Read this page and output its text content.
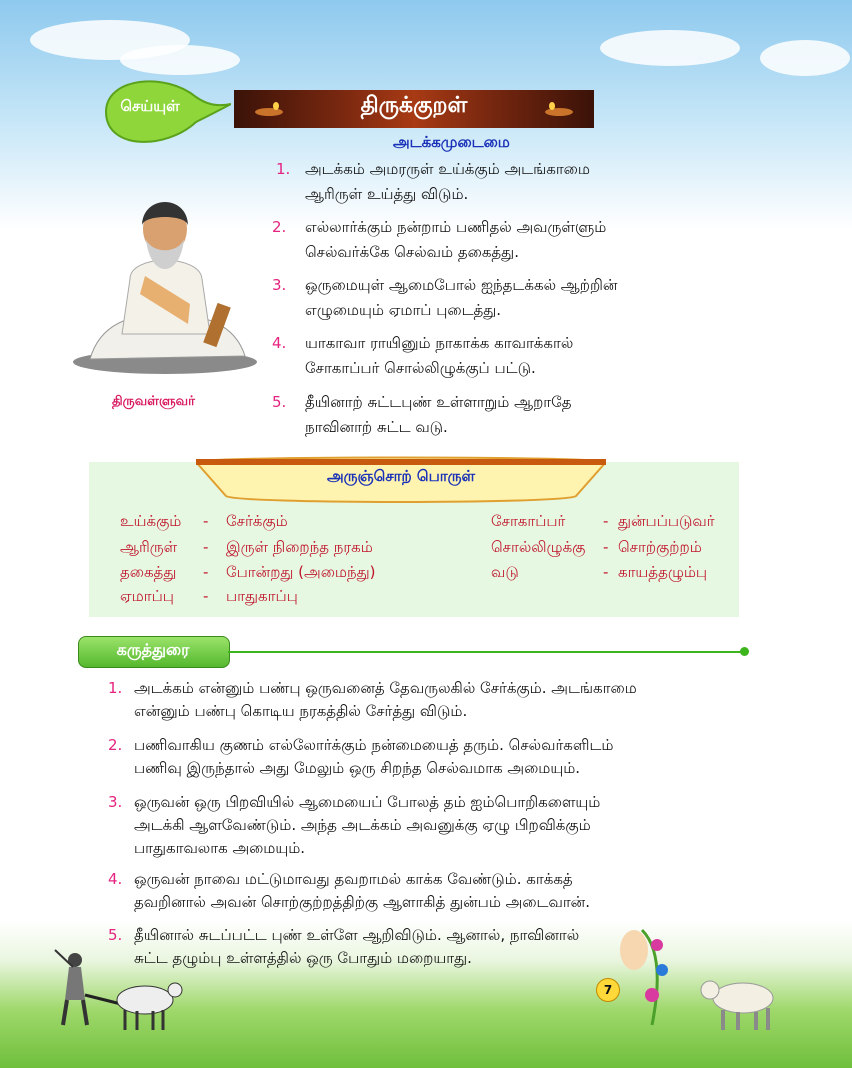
செய்யுள்	திருக்குறள்
அடக்கமுடைமை
திருவள்ளுவர்
1. அடக்கம் அமரருள் உய்க்கும் அடங்காமை
ஆரிருள் உய்த்து விடும்.
2. எல்லார்க்கும் நன்றாம் பணிதல் அவருள்ளும்
செல்வர்க்கே செல்வம் தகைத்து.
3. ஒருமையுள் ஆமைபோல் ஐந்தடக்கல் ஆற்றின்
எழுமையும் ஏமாப் புடைத்து.
4. யாகாவா ராயினும் நாகாக்க காவாக்கால்
சோகாப்பர் சொல்லிழுக்குப் பட்டு.
5. தீயினாற் சுட்டபுண் உள்ளாறும் ஆறாதே
நாவினாற் சுட்ட வடு.
அருஞ்சொற் பொருள்
உய்க்கும் - சேர்க்கும்
ஆரிருள் - இருள் நிறைந்த நரகம்
தகைத்து - போன்றது (அமைந்து)
ஏமாப்பு - பாதுகாப்பு
சோகாப்பர்	- துன்பப்படுவர்
சொல்லிழுக்கு - சொற்குற்றம்
வடு	- காயத்தழும்பு
கருத்துரை
1. அடக்கம் என்னும் பண்பு ஒருவனைத் தேவருலகில் சேர்க்கும். அடங்காமை
என்னும் பண்பு கொடிய நரகத்தில் சேர்த்து விடும்.
2. பணிவாகிய குணம் எல்லோர்க்கும் நன்மையைத் தரும். செல்வர்களிடம்
பணிவு இருந்தால் அது மேலும் ஒரு சிறந்த செல்வமாக அமையும்.
3. ஒருவன் ஒரு பிறவியில் ஆமையைப் போலத் தம் ஐம்பொறிகளையும்
அடக்கி ஆளவேண்டும். அந்த அடக்கம் அவனுக்கு ஏழு பிறவிக்கும்
பாதுகாவலாக அமையும்.
4. ஒருவன் நாவை மட்டுமாவது தவறாமல் காக்க வேண்டும். காக்கத்
தவறினால் அவன் சொற்குற்றத்திற்கு ஆளாகித் துன்பம் அடைவான்.
5. தீயினால் சுடப்பட்ட புண் உள்ளே ஆறிவிடும். ஆனால், நாவினால்
சுட்ட தழும்பு உள்ளத்தில் ஒரு போதும் மறையாது.
7
